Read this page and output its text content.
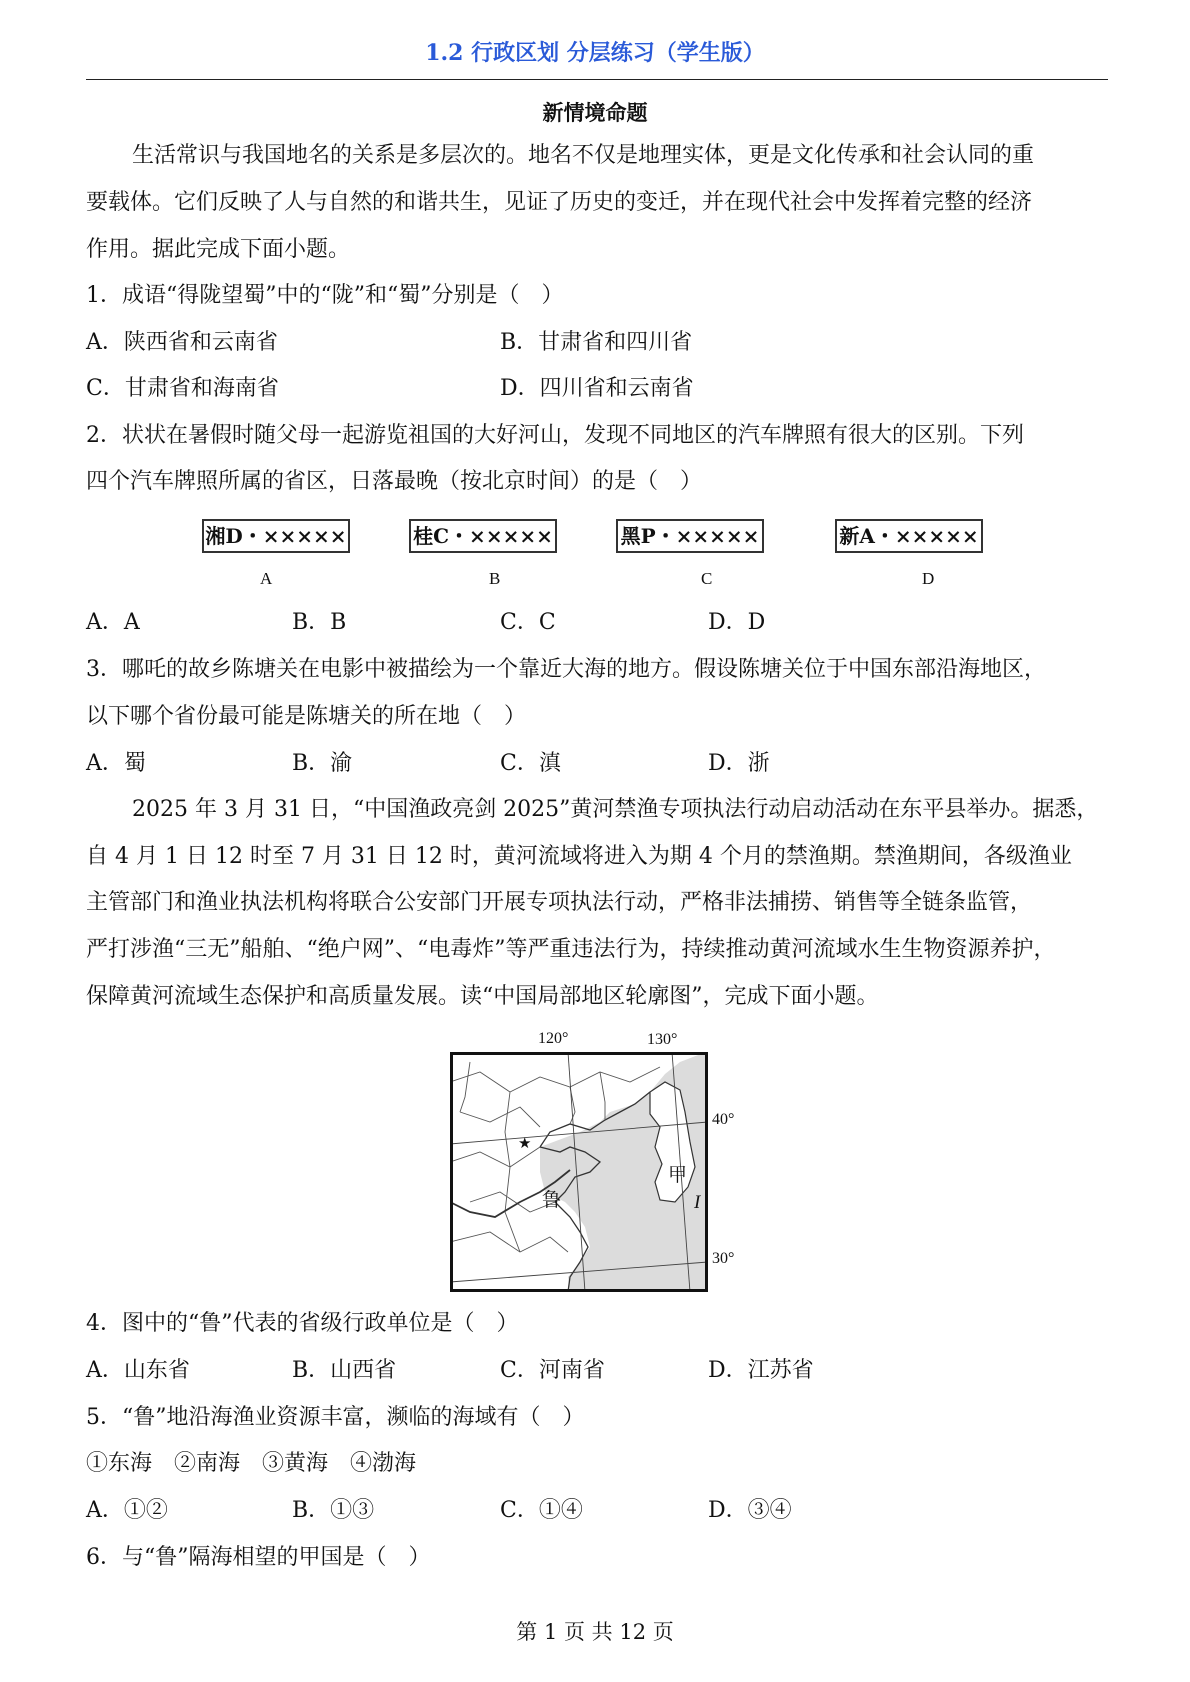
1.2 行政区划 分层练习（学生版）
新情境命题
生活常识与我国地名的关系是多层次的。地名不仅是地理实体，更是文化传承和社会认同的重
要载体。它们反映了人与自然的和谐共生，见证了历史的变迁，并在现代社会中发挥着完整的经济
作用。据此完成下面小题。
1．成语“得陇望蜀”中的“陇”和“蜀”分别是（　）
A．陕西省和云南省	B．甘肃省和四川省
C．甘肃省和海南省	D．四川省和云南省
2．状状在暑假时随父母一起游览祖国的大好河山，发现不同地区的汽车牌照有很大的区别。下列
四个汽车牌照所属的省区，日落最晚（按北京时间）的是（　）
湘D・×××××	桂C・×××××	黑P・×××××	新A・×××××
A	B	C	D
A．A	B．B	C．C	D．D
3．哪吒的故乡陈塘关在电影中被描绘为一个靠近大海的地方。假设陈塘关位于中国东部沿海地区，
以下哪个省份最可能是陈塘关的所在地（　）
A．蜀	B．渝	C．滇	D．浙
2025 年 3 月 31 日，“中国渔政亮剑 2025”黄河禁渔专项执法行动启动活动在东平县举办。据悉，
自 4 月 1 日 12 时至 7 月 31 日 12 时，黄河流域将进入为期 4 个月的禁渔期。禁渔期间，各级渔业
主管部门和渔业执法机构将联合公安部门开展专项执法行动，严格非法捕捞、销售等全链条监管，
严打涉渔“三无”船舶、“绝户网”、“电毒炸”等严重违法行为，持续推动黄河流域水生生物资源养护，
保障黄河流域生态保护和高质量发展。读“中国局部地区轮廓图”，完成下面小题。
120°	130°
40°
30°
★
鲁
甲
I
4．图中的“鲁”代表的省级行政单位是（　）
A．山东省	B．山西省	C．河南省	D．江苏省
5．“鲁”地沿海渔业资源丰富，濒临的海域有（　）
①东海　②南海　③黄海　④渤海
A．①②	B．①③	C．①④	D．③④
6．与“鲁”隔海相望的甲国是（　）
第 1 页 共 12 页
